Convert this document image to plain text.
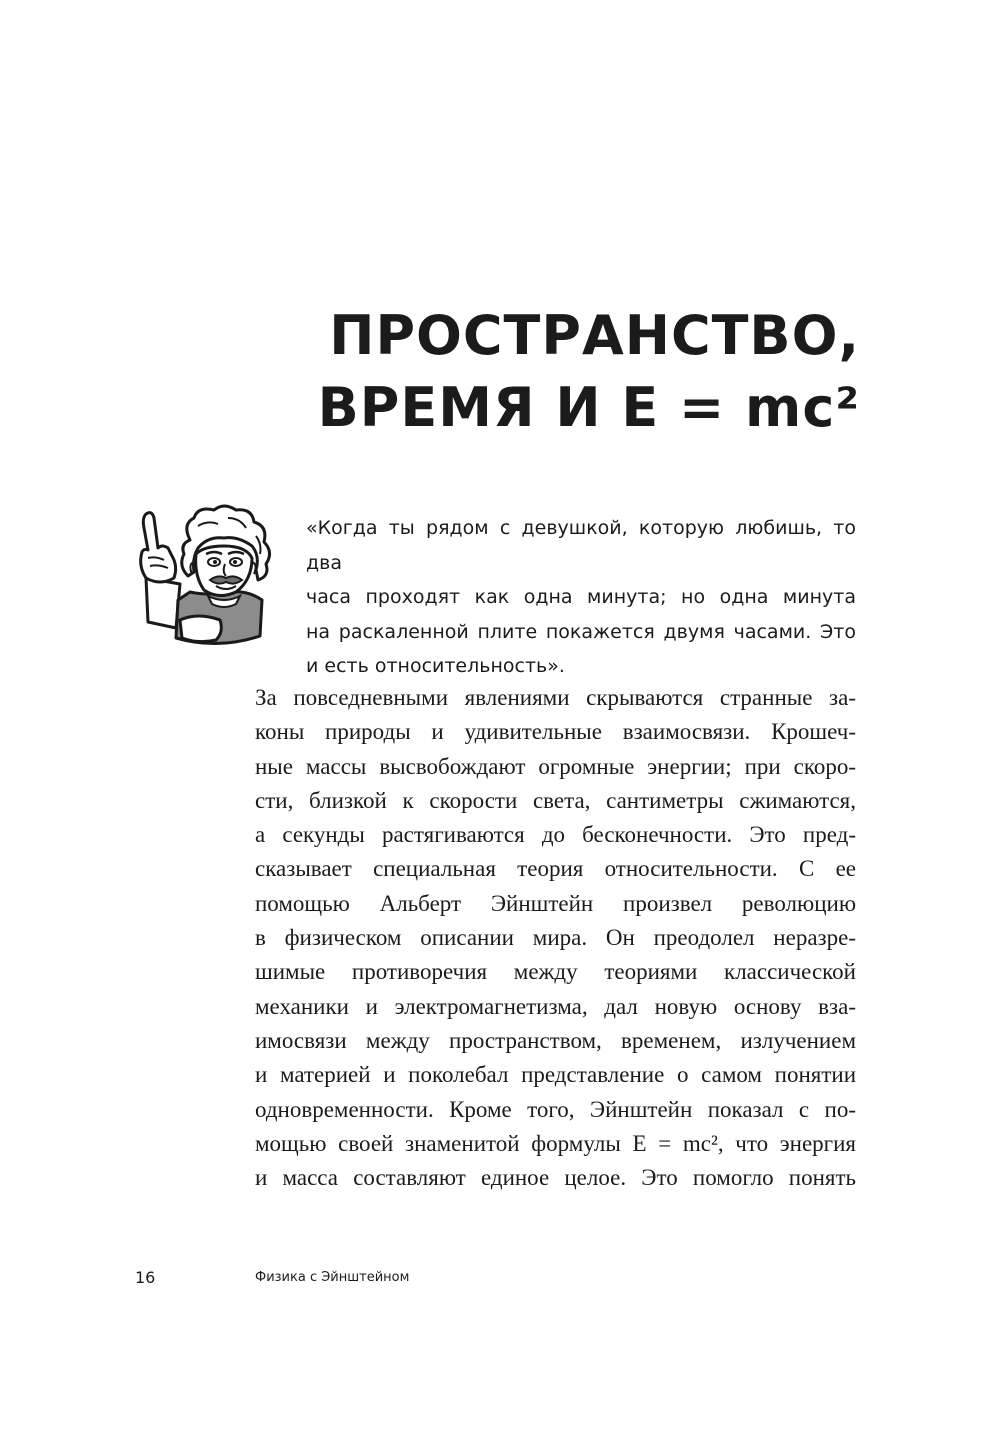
ПРОСТРАНСТВО,
ВРЕМЯ И E = mc²

«Когда ты рядом с девушкой, которую любишь, то два
часа проходят как одна минута; но одна минута
на раскаленной плите покажется двумя часами. Это
и есть относительность».

За повседневными явлениями скрываются странные за-
коны природы и удивительные взаимосвязи. Крошеч-
ные массы высвобождают огромные энергии; при скоро-
сти, близкой к скорости света, сантиметры сжимаются,
а секунды растягиваются до бесконечности. Это пред-
сказывает специальная теория относительности. С ее
помощью Альберт Эйнштейн произвел революцию
в физическом описании мира. Он преодолел неразре-
шимые противоречия между теориями классической
механики и электромагнетизма, дал новую основу вза-
имосвязи между пространством, временем, излучением
и материей и поколебал представление о самом понятии
одновременности. Кроме того, Эйнштейн показал с по-
мощью своей знаменитой формулы E = mc², что энергия
и масса составляют единое целое. Это помогло понять

16	Физика с Эйнштейном
